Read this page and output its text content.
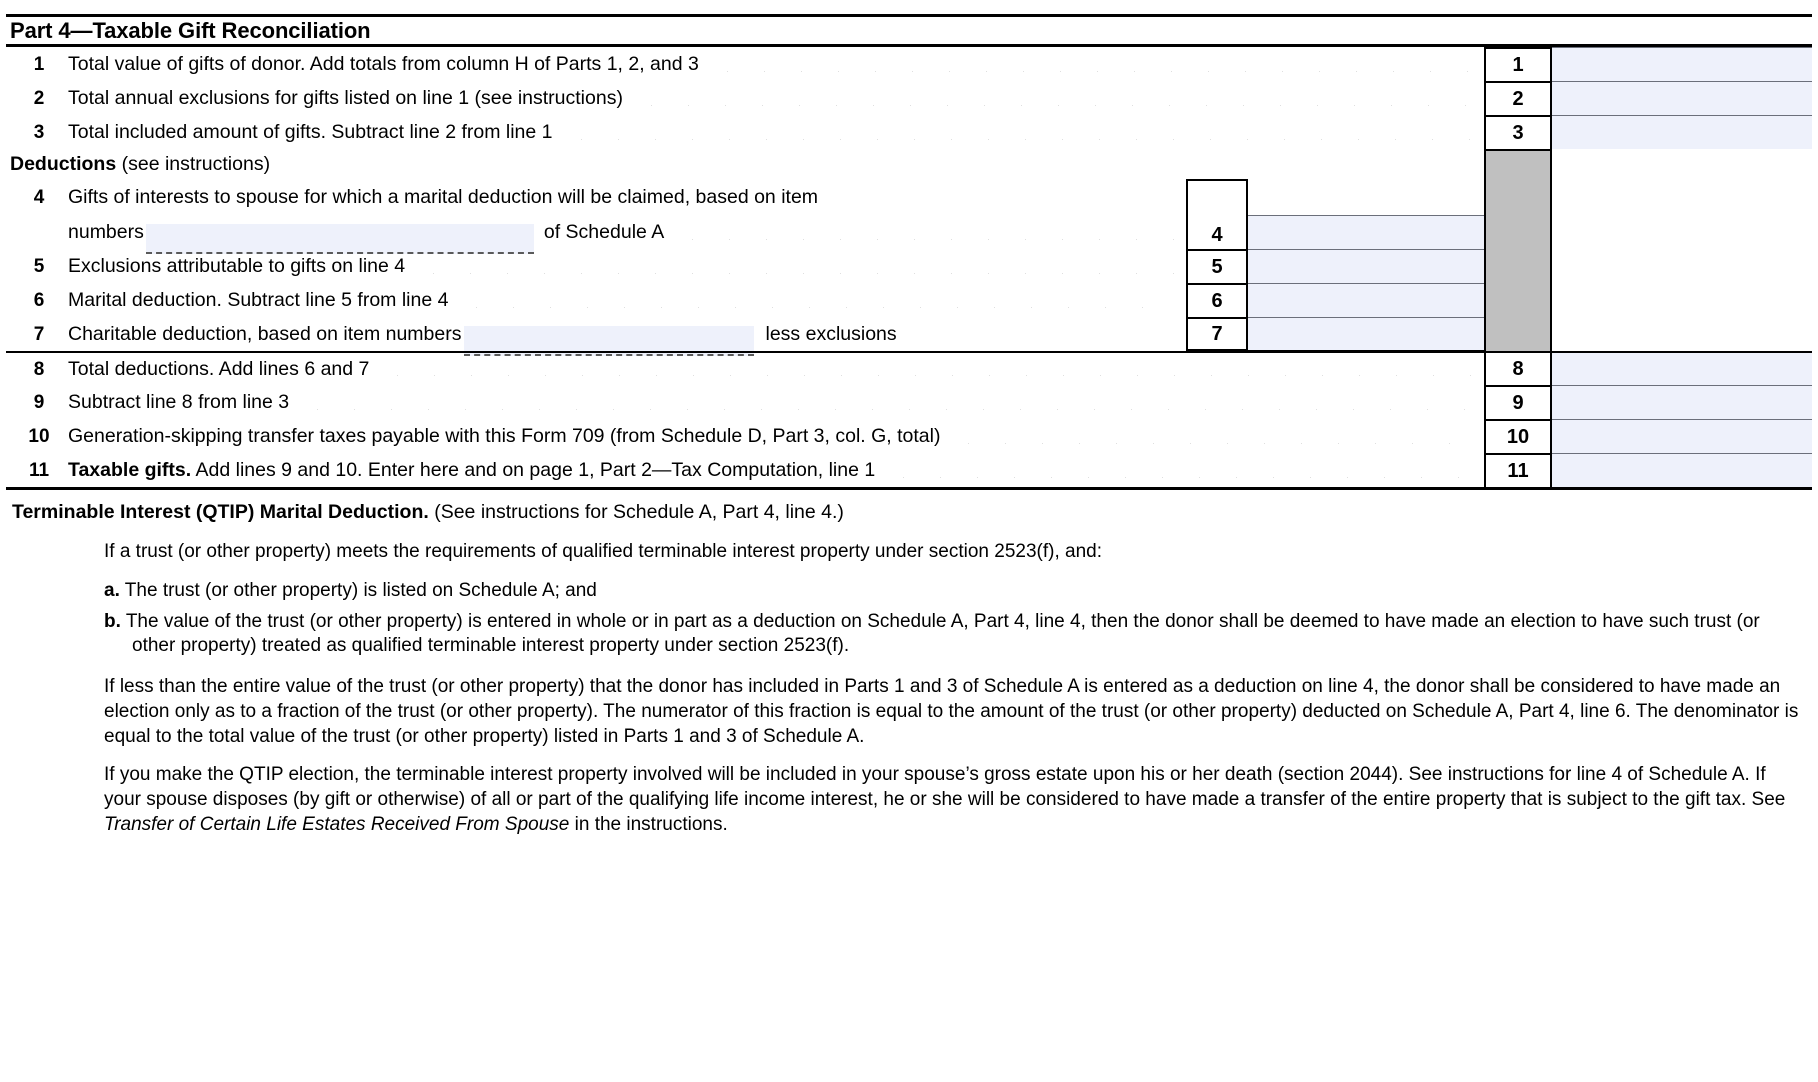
Part 4—Taxable Gift Reconciliation
1	Total value of gifts of donor. Add totals from column H of Parts 1, 2, and 3	1
2	Total annual exclusions for gifts listed on line 1 (see instructions)	2
3	Total included amount of gifts. Subtract line 2 from line 1	3
Deductions (see instructions)
4	Gifts of interests to spouse for which a marital deduction will be claimed, based on item
numbers	of Schedule A	4
5	Exclusions attributable to gifts on line 4	5
6	Marital deduction. Subtract line 5 from line 4	6
7	Charitable deduction, based on item numbers	less exclusions	7
8	Total deductions. Add lines 6 and 7	8
9	Subtract line 8 from line 3	9
10 Generation-skipping transfer taxes payable with this Form 709 (from Schedule D, Part 3, col. G, total)	10
11 Taxable gifts. Add lines 9 and 10. Enter here and on page 1, Part 2—Tax Computation, line 1	11
Terminable Interest (QTIP) Marital Deduction. (See instructions for Schedule A, Part 4, line 4.)

If a trust (or other property) meets the requirements of qualified terminable interest property under section 2523(f), and:

a. The trust (or other property) is listed on Schedule A; and

b. The value of the trust (or other property) is entered in whole or in part as a deduction on Schedule A, Part 4, line 4, then the donor shall be deemed to have made an election to have such trust (or other property) treated as qualified terminable interest property under section 2523(f).

If less than the entire value of the trust (or other property) that the donor has included in Parts 1 and 3 of Schedule A is entered as a deduction on line 4, the donor shall be considered to have made an election only as to a fraction of the trust (or other property). The numerator of this fraction is equal to the amount of the trust (or other property) deducted on Schedule A, Part 4, line 6. The denominator is equal to the total value of the trust (or other property) listed in Parts 1 and 3 of Schedule A.

If you make the QTIP election, the terminable interest property involved will be included in your spouse’s gross estate upon his or her death (section 2044). See instructions for line 4 of Schedule A. If your spouse disposes (by gift or otherwise) of all or part of the qualifying life income interest, he or she will be considered to have made a transfer of the entire property that is subject to the gift tax. See Transfer of Certain Life Estates Received From Spouse in the instructions.
